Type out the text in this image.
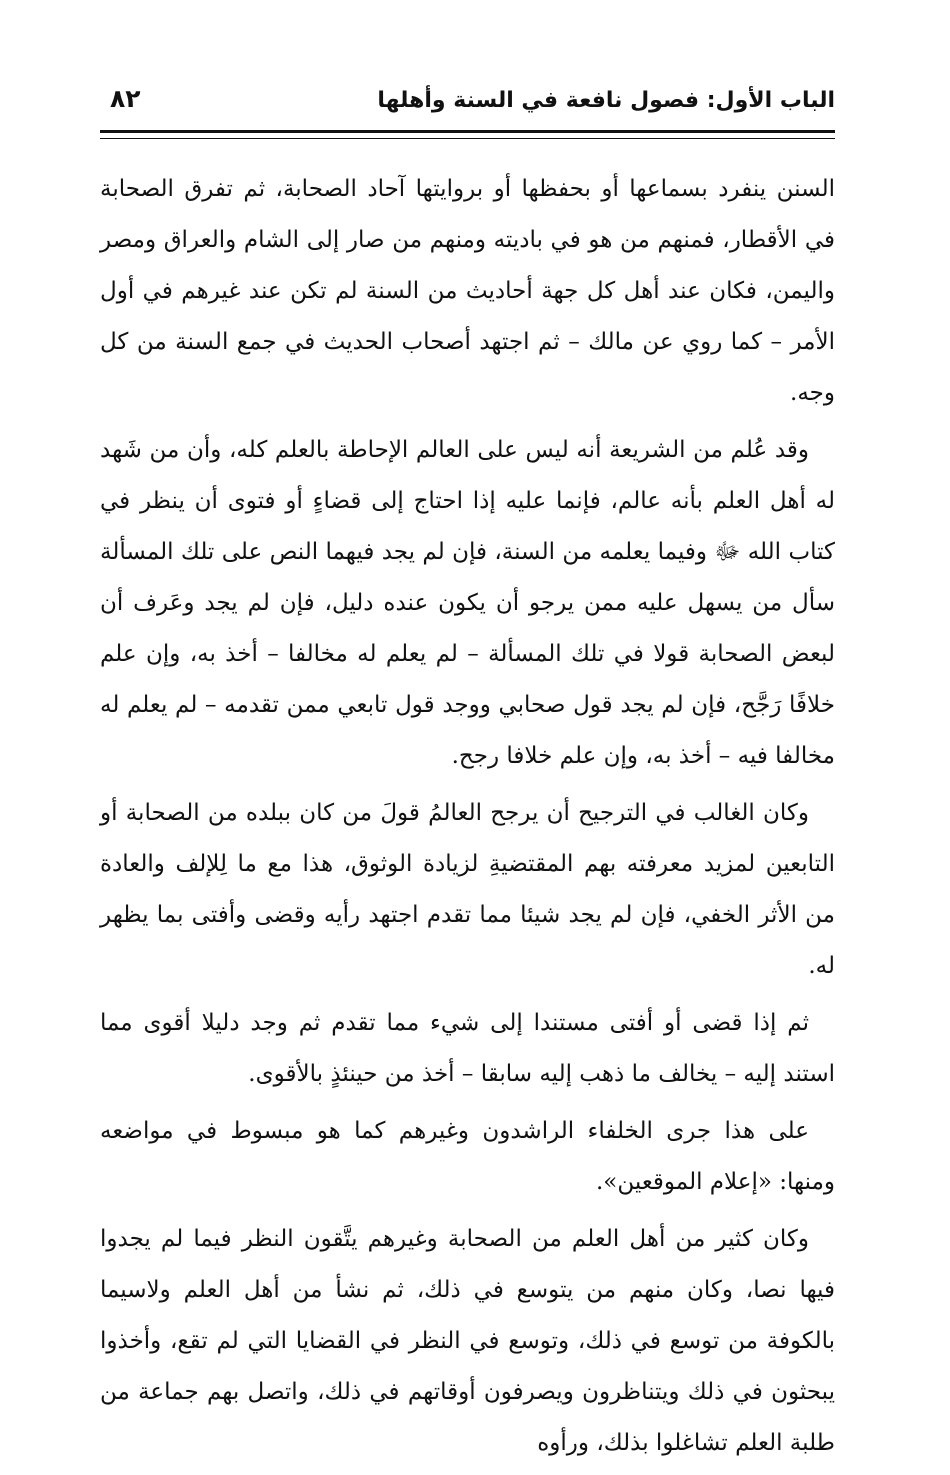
الباب الأول: فصول نافعة في السنة وأهلها
٨٢

السنن ينفرد بسماعها أو بحفظها أو بروايتها آحاد الصحابة، ثم تفرق الصحابة في الأقطار، فمنهم من هو في باديته ومنهم من صار إلى الشام والعراق ومصر واليمن، فكان عند أهل كل جهة أحاديث من السنة لم تكن عند غيرهم في أول الأمر – كما روي عن مالك – ثم اجتهد أصحاب الحديث في جمع السنة من كل وجه.

وقد عُلم من الشريعة أنه ليس على العالم الإحاطة بالعلم كله، وأن من شَهد له أهل العلم بأنه عالم، فإنما عليه إذا احتاج إلى قضاءٍ أو فتوى أن ينظر في كتاب الله ﷻ وفيما يعلمه من السنة، فإن لم يجد فيهما النص على تلك المسألة سأل من يسهل عليه ممن يرجو أن يكون عنده دليل، فإن لم يجد وعَرف أن لبعض الصحابة قولا في تلك المسألة – لم يعلم له مخالفا – أخذ به، وإن علم خلافًا رَجَّح، فإن لم يجد قول صحابي ووجد قول تابعي ممن تقدمه – لم يعلم له مخالفا فيه – أخذ به، وإن علم خلافا رجح.

وكان الغالب في الترجيح أن يرجح العالمُ قولَ من كان ببلده من الصحابة أو التابعين لمزيد معرفته بهم المقتضيةِ لزيادة الوثوق، هذا مع ما لِلإلف والعادة من الأثر الخفي، فإن لم يجد شيئا مما تقدم اجتهد رأيه وقضى وأفتى بما يظهر له.

ثم إذا قضى أو أفتى مستندا إلى شيء مما تقدم ثم وجد دليلا أقوى مما استند إليه – يخالف ما ذهب إليه سابقا – أخذ من حينئذٍ بالأقوى.

على هذا جرى الخلفاء الراشدون وغيرهم كما هو مبسوط في مواضعه ومنها: «إعلام الموقعين».

وكان كثير من أهل العلم من الصحابة وغيرهم يتَّقون النظر فيما لم يجدوا فيها نصا، وكان منهم من يتوسع في ذلك، ثم نشأ من أهل العلم ولاسيما بالكوفة من توسع في ذلك، وتوسع في النظر في القضايا التي لم تقع، وأخذوا يبحثون في ذلك ويتناظرون ويصرفون أوقاتهم في ذلك، واتصل بهم جماعة من طلبة العلم تشاغلوا بذلك، ورأوه
